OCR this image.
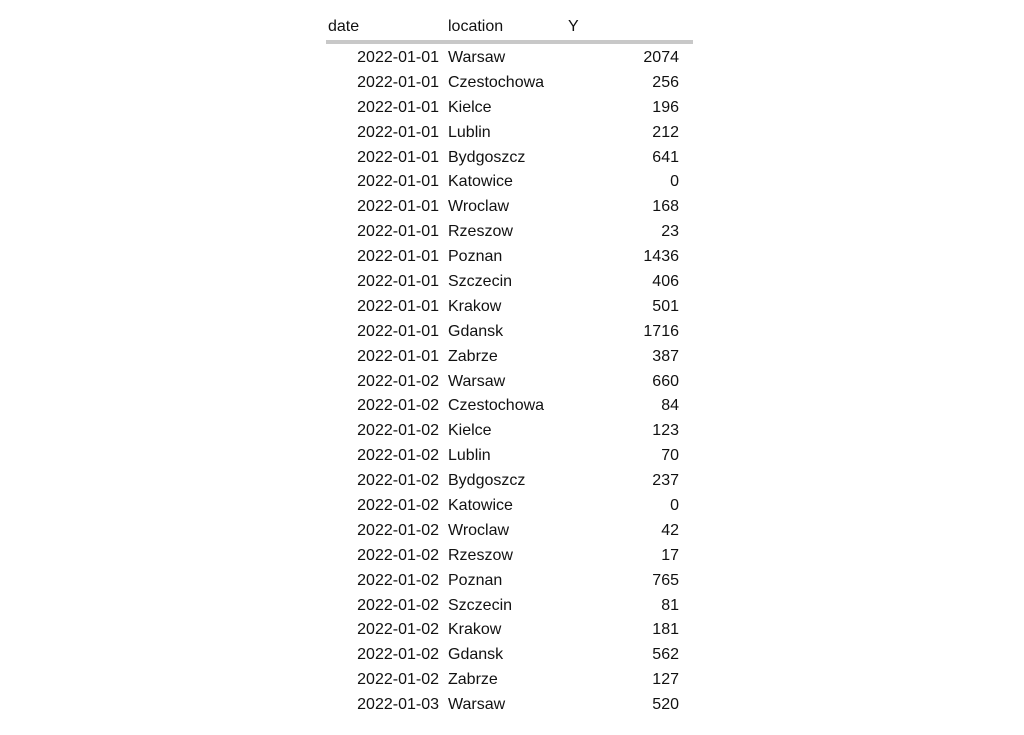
date	location	Y
2022-01-01 Warsaw	2074
2022-01-01 Czestochowa	256
2022-01-01 Kielce	196
2022-01-01 Lublin	212
2022-01-01 Bydgoszcz	641
2022-01-01 Katowice	0
2022-01-01 Wroclaw	168
2022-01-01 Rzeszow	23
2022-01-01 Poznan	1436
2022-01-01 Szczecin	406
2022-01-01 Krakow	501
2022-01-01 Gdansk	1716
2022-01-01 Zabrze	387
2022-01-02 Warsaw	660
2022-01-02 Czestochowa	84
2022-01-02 Kielce	123
2022-01-02 Lublin	70
2022-01-02 Bydgoszcz	237
2022-01-02 Katowice	0
2022-01-02 Wroclaw	42
2022-01-02 Rzeszow	17
2022-01-02 Poznan	765
2022-01-02 Szczecin	81
2022-01-02 Krakow	181
2022-01-02 Gdansk	562
2022-01-02 Zabrze	127
2022-01-03 Warsaw	520
